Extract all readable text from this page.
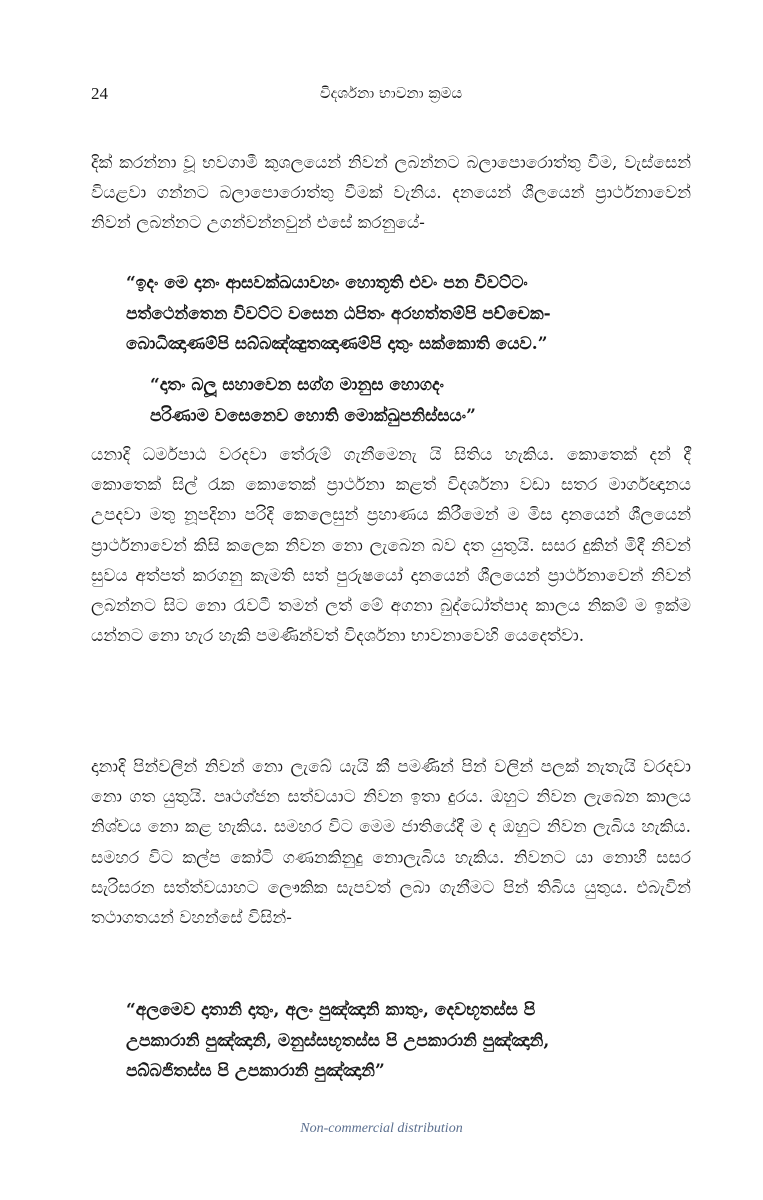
24	විදර්ශනා භාවනා ක්‍රමය

දික් කරන්නා වූ භවගාමී කුශලයෙන් නිවන් ලබන්නට බලාපොරොත්තු වීම, වැස්සෙන් වියළවා ගන්නට බලාපොරොත්තු වීමක් වැනිය. දනයෙන් ශීලයෙන් ප්‍රාර්ථනාවෙන් නිවන් ලබන්නට උගන්වන්නවුන් එසේ කරනුයේ-

“ඉදං මෙ දානං ආසවක්ඛයාවහං හොතූති එවං පන විවට්ටං
පත්ථෙන්තෙන විවට්ට වසෙන ඨපිතං අරහත්තම්පි පච්චෙක-
බොධිඤාණම්පි සබ්බඤ්ඤුතඤාණම්පි දාතුං සක්කොති යෙව.”
“දාතං බලූ සහාවෙන සග්ග මානුස හොගදං
පරිණාම වසෙනෙව හොති මොක්ඛුපනිස්සයං”

යනාදි ධර්මපාඨ වරදවා තේරුම් ගැනීමෙනැ යි සිතිය හැකිය. කොතෙක් දන් දී කොතෙක් සිල් රැක කොතෙක් ප්‍රාර්ථනා කළත් විදර්ශනා වඩා සතර මාර්ගඥානය උපදවා මතු නූපදිනා පරිදි කෙලෙසුන් ප්‍රහාණය කිරීමෙන් ම මිස දානයෙන් ශීලයෙන් ප්‍රාර්ථනාවෙන් කිසි කලෙක නිවන නො ලැබෙන බව දත යුතුයි. සසර දුකින් මිදී නිවන් සුවය අත්පත් කරගනු කැමති සත් පුරුෂයෝ දානයෙන් ශීලයෙන් ප්‍රාර්ථනාවෙන් නිවන් ලබන්නට සිට නො රැවටී තමන් ලත් මේ අගනා බුද්ධෝත්පාද කාලය නිකම් ම ඉක්ම යන්නට නො හැර හැකි පමණින්වත් විදර්ශනා භාවනාවෙහි යෙදෙත්වා.

දානාදි පින්වලින් නිවන් නො ලැබේ යැයි කී පමණින් පින් වලින් පලක් නැතැයි වරදවා නො ගත යුතුයි. පෘථග්ජන සත්වයාට නිවන ඉතා දුරය. ඔහුට නිවන ලැබෙන කාලය නිශ්චය නො කළ හැකිය. සමහර විට මෙම ජාතියේදී ම ද ඔහුට නිවන ලැබිය හැකිය. සමහර විට කල්ප කෝටි ගණනකිනුදු නොලැබිය හැකිය. නිවනට යා නොහී සසර සැරිසරන සත්ත්වයාහට ලෞකික සැපවත් ලබා ගැනීමට පින් තිබිය යුතුය. එබැවින් තථාගතයන් වහන්සේ විසින්-

“අලමෙව දාතානි දාතුං, අලං පුඤ්ඤානි කාතුං, දෙවභූතස්ස පි
උපකාරානි පුඤ්ඤානි, මනුස්සභූතස්ස පි උපකාරානි පුඤ්ඤානි,
පබ්බජිතස්ස පි උපකාරානි පුඤ්ඤානි”
Non-commercial distribution
